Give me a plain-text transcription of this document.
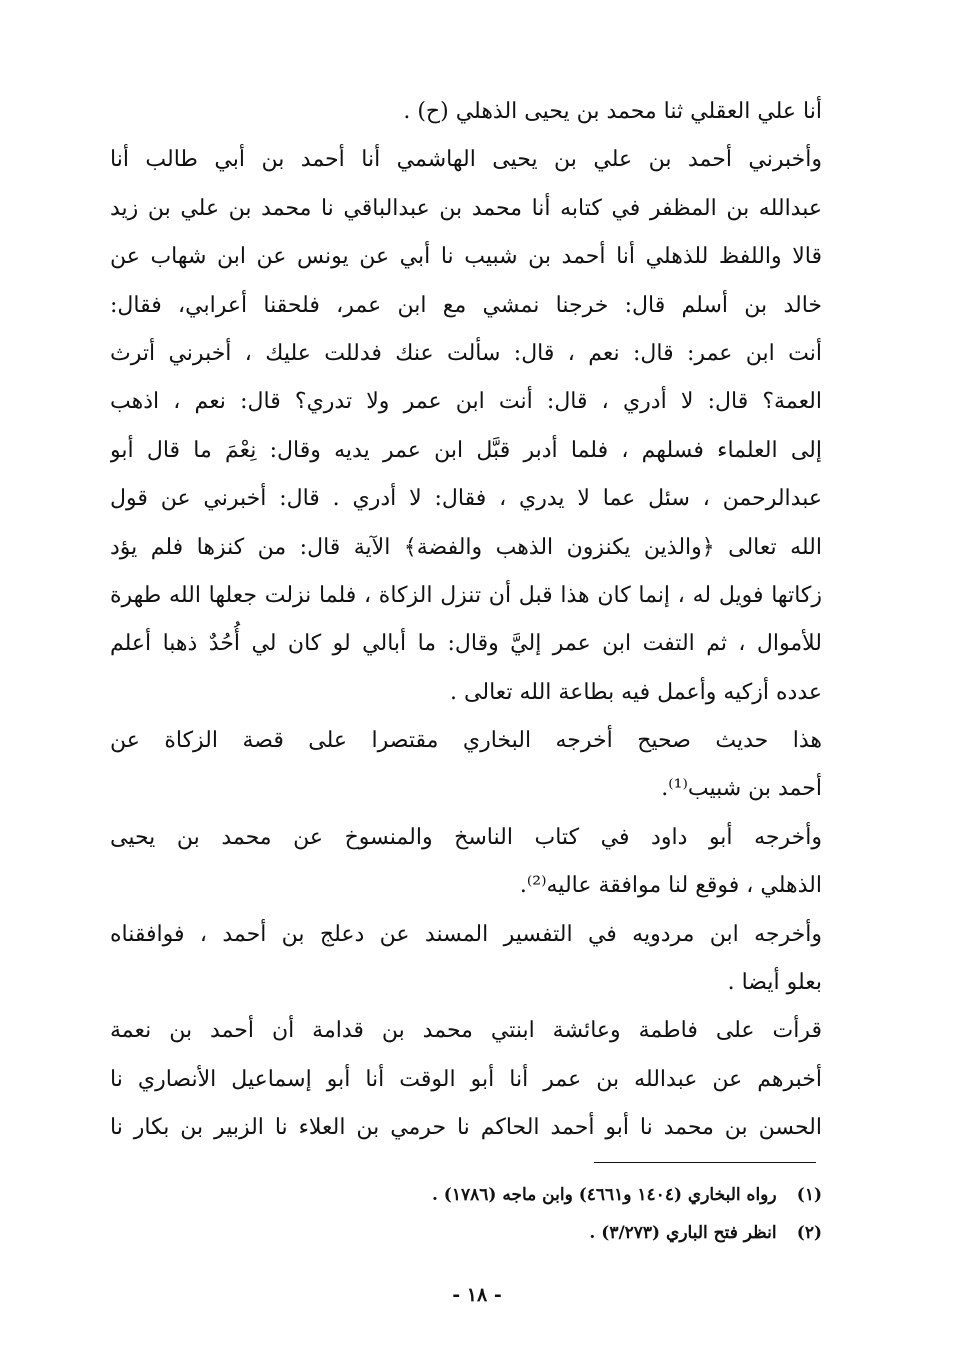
أنا علي العقلي ثنا محمد بن يحيى الذهلي (ح) .
وأخبرني أحمد بن علي بن يحيى الهاشمي أنا أحمد بن أبي طالب أنا
عبدالله بن المظفر في كتابه أنا محمد بن عبدالباقي نا محمد بن علي بن زيد
قالا واللفظ للذهلي أنا أحمد بن شبيب نا أبي عن يونس عن ابن شهاب عن
خالد بن أسلم قال: خرجنا نمشي مع ابن عمر، فلحقنا أعرابي، فقال:
أنت ابن عمر: قال: نعم ، قال: سألت عنك فدللت عليك ، أخبرني أترث
العمة؟ قال: لا أدري ، قال: أنت ابن عمر ولا تدري؟ قال: نعم ، اذهب
إلى العلماء فسلهم ، فلما أدبر قبَّل ابن عمر يديه وقال: نِعْمَ ما قال أبو
عبدالرحمن ، سئل عما لا يدري ، فقال: لا أدري . قال: أخبرني عن قول
الله تعالى ﴿والذين يكنزون الذهب والفضة﴾ الآية قال: من كنزها فلم يؤد
زكاتها فويل له ، إنما كان هذا قبل أن تنزل الزكاة ، فلما نزلت جعلها الله طهرة
للأموال ، ثم التفت ابن عمر إليَّ وقال: ما أبالي لو كان لي أُحُدٌ ذهبا أعلم
عدده أزكيه وأعمل فيه بطاعة الله تعالى .
هذا حديث صحيح أخرجه البخاري مقتصرا على قصة الزكاة عن
أحمد بن شبيب⁽¹⁾.
وأخرجه أبو داود في كتاب الناسخ والمنسوخ عن محمد بن يحيى
الذهلي ، فوقع لنا موافقة عاليه⁽²⁾.
وأخرجه ابن مردويه في التفسير المسند عن دعلج بن أحمد ، فوافقناه
بعلو أيضا .
قرأت على فاطمة وعائشة ابنتي محمد بن قدامة أن أحمد بن نعمة
أخبرهم عن عبدالله بن عمر أنا أبو الوقت أنا أبو إسماعيل الأنصاري نا
الحسن بن محمد نا أبو أحمد الحاكم نا حرمي بن العلاء نا الزبير بن بكار نا
(١) رواه البخاري (١٤٠٤ و٤٦٦١) وابن ماجه (١٧٨٦) .
(٢) انظر فتح الباري (٣/٢٧٣) .
- ١٨ -
